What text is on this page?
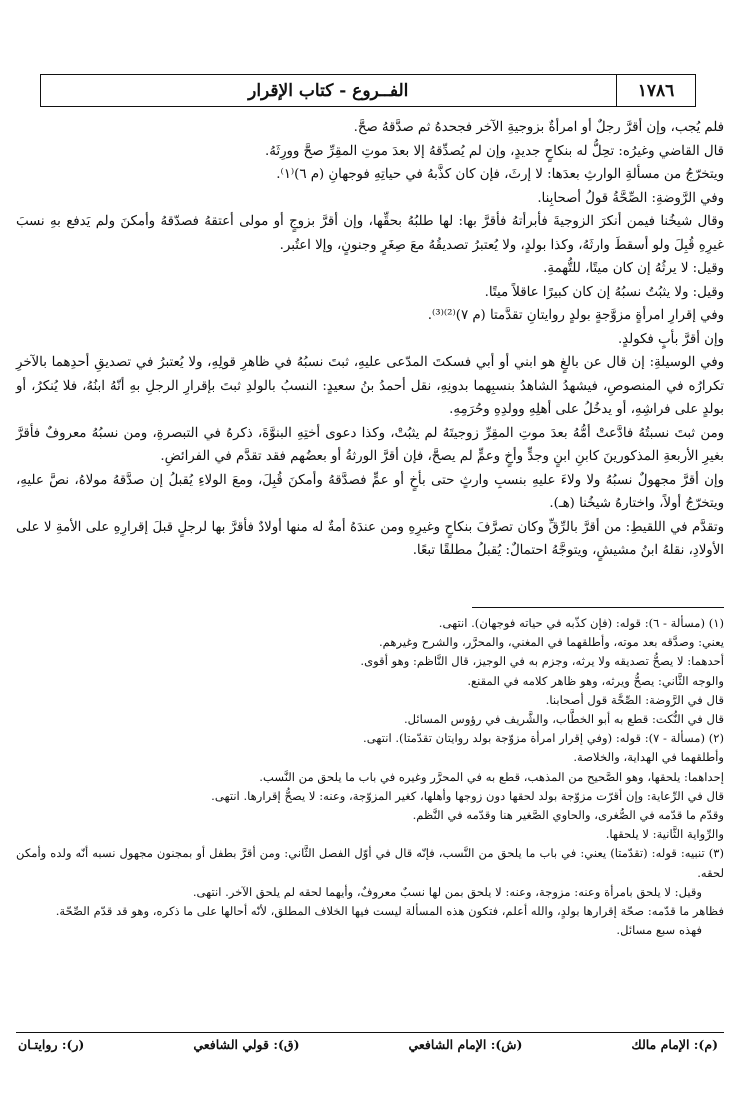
الفــروع - كتاب الإقرار	١٧٨٦

فلم يُجب، وإن أقرَّ رجلٌ أو امرأةٌ بزوجيةِ الآخر فجحدهُ ثم صدَّقهُ صحَّ.

قال القاضي وغيرُه: تحِلُّ له بنكاحٍ جديدٍ، وإن لم يُصدِّقهُ إلا بعدَ موتِ المقِرِّ صحَّ وورِثَهُ.

ويتخرّجُ من مسألةِ الوارثِ بعدَها: لا إرثَ، فإن كان كذَّبهُ في حياتِهِ فوجهانِ (م ٦)⁽١⁾.

وفي الرَّوضةِ: الصِّحَّةُ قولُ أصحابِنا.

وقال شيخُنا فيمن أنكرَ الزوجيةَ فأبرأتهُ فأقرَّ بها: لها طلبُهُ بحقِّها، وإن أقرَّ بزوجٍ أو مولى أعتقهُ فصدّقهُ وأمكنَ ولم يَدفع بهِ نسبَ غيرِهِ قُبِلَ ولو أسقطَ وارثَهُ، وكذا بولدٍ، ولا يُعتبرُ تصديقُهُ معَ صِغَرٍ وجنونٍ، وإلا اعتُبر.

وقيل: لا يرثُهُ إن كان ميتًا، للتُّهمةِ.

وقيل: ولا يثبُتُ نسبُهُ إن كان كبيرًا عاقلاً ميتًا.

وفي إقرارِ امرأةٍ مزوَّجةٍ بولدٍ روايتانِ تقدَّمتا (م ٧)⁽²⁾⁽³⁾.

وإن أقرَّ بأبٍ فكولدٍ.

وفي الوسيلةِ: إن قال عن بالغٍ هو ابني أو أبي فسكتَ المدّعى عليهِ، ثبتَ نسبُهُ في ظاهرِ قولِهِ، ولا يُعتبرُ في تصديقِ أحدِهما بالآخرِ تكرارُه في المنصوصِ، فيشهدُ الشاهدُ بنسبِهما بدونِهِ، نقل أحمدُ بنُ سعيدٍ: النسبُ بالولدِ ثبتَ بإقرارِ الرجلِ بهِ أنّهُ ابنُهُ، فلا يُنكرُ، أو بولدٍ على فراشِهِ، أو يدخُلُ على أهلِهِ وولدِهِ وحُرَمِهِ.

ومن ثبتَ نسبتُهُ فادَّعتْ أمُّهُ بعدَ موتِ المقِرِّ زوجيتَهُ لم يثبُتْ، وكذا دعوى أختِهِ البنوَّةَ، ذكرهُ في التبصرةِ، ومن نسبُهُ معروفٌ فأقرَّ بغيرِ الأربعةِ المذكورينَ كابنِ ابنٍ وجدٍّ وأخٍ وعمٍّ لم يصحَّ، فإن أقرَّ الورثةُ أو بعضُهم فقد تقدَّم في الفرائضِ.

وإن أقرَّ مجهولٌ نسبُهُ ولا ولاءَ عليهِ بنسبِ وارثٍ حتى بأخٍ أو عمٍّ فصدَّقهُ وأمكنَ قُبِلَ، ومعَ الولاءِ يُقبلُ إن صدَّقهُ مولاهُ، نصَّ عليهِ، ويتخرّجُ أولاً، واختارهُ شيخُنا (هـ).

وتقدَّم في اللقيطِ: من أقرَّ بالرِّقِّ وكان تصرَّفَ بنكاحٍ وغيرِهِ ومن عندَهُ أمةٌ له منها أولادٌ فأقرَّ بها لرجلٍ قبلَ إقرارِهِ على الأمةِ لا على الأولادِ، نقلهُ ابنُ مشيشٍ، ويتوجَّهُ احتمالٌ: يُقبلُ مطلقًا تبعًا.

(١) (مسألة - ٦): قوله: (فإن كذّبه في حياته فوجهان). انتهى.

يعني: وصدَّقه بعد موته، وأطلقهما في المغني، والمحرَّر، والشرح وغيرهم.

أحدهما: لا يصحُّ تصديقه ولا يرثه، وجزم به في الوجيز، قال النَّاظم: وهو أقوى.

والوجه الثَّاني: يصحُّ ويرثه، وهو ظاهر كلامه في المقنع.

قال في الرَّوضة: الصِّحَّة قول أصحابنا.

قال في النُّكت: قطع به أبو الخطَّاب، والشَّريف في رؤوس المسائل.

(٢) (مسألة - ٧): قوله: (وفي إقرار امرأة مزوّجة بولد روايتان تقدّمتا). انتهى.

وأطلقهما في الهداية، والخلاصة.

إحداهما: يلحقها، وهو الصَّحيح من المذهب، قطع به في المحرَّر وغيره في باب ما يلحق من النَّسب.

قال في الرِّعاية: وإن أقرّت مزوّجة بولد لحقها دون زوجها وأهلها، كغير المزوّجة، وعنه: لا يصحُّ إقرارها. انتهى.

وقدّم ما قدّمه في الصُّغرى، والحاوي الصَّغير هنا وقدّمه في النَّظم.

والرِّواية الثَّانية: لا يلحقها.

(٣) تنبيه: قوله: (تقدّمتا) يعني: في باب ما يلحق من النَّسب، فإنّه قال في أوّل الفصل الثَّاني: ومن أقرَّ بطفل أو بمجنون مجهول نسبه أنّه ولده وأمكن لحقه.

وقيل: لا يلحق بامرأة وعنه: مزوجة، وعنه: لا يلحق بمن لها نسبٌ معروفٌ، وأيهما لحقه لم يلحق الآخر. انتهى.

فظاهر ما قدّمه: صحّة إقرارها بولدٍ، والله أعلم، فتكون هذه المسألة ليست فيها الخلاف المطلق، لأنّه أحالها على ما ذكره، وهو قد قدّم الصِّحّة.

فهذه سبع مسائل.

(م): الإمام مالك
(ش): الإمام الشافعي
(ق): قولي الشافعي
(ر): روايتـان
